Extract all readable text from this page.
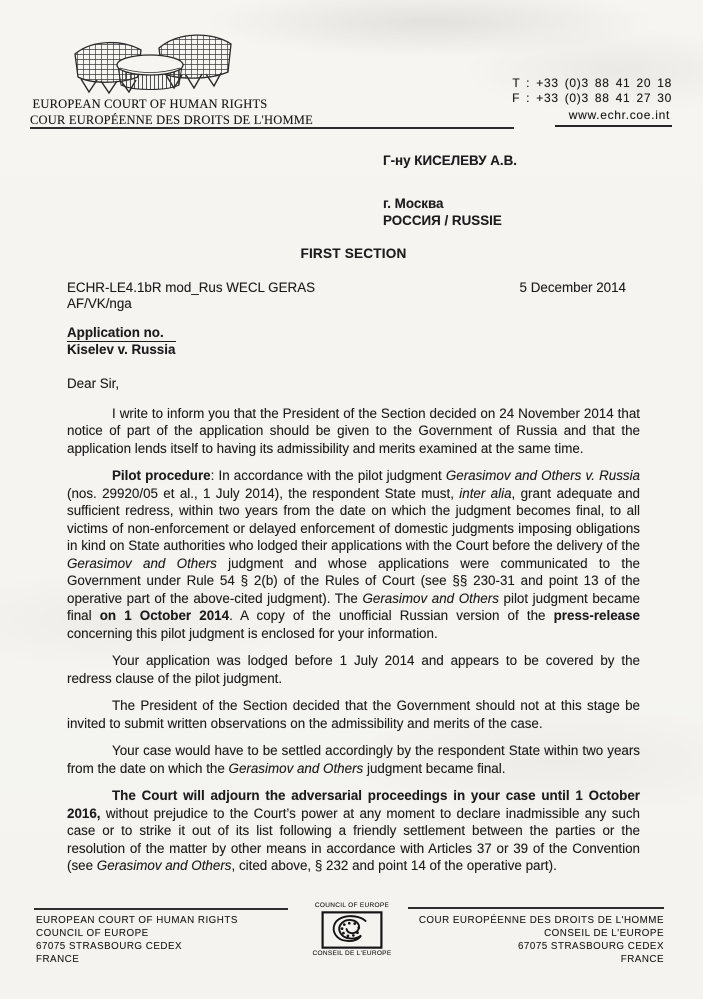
EUROPEAN COURT OF HUMAN RIGHTS
COUR EUROPÉENNE DES DROITS DE L'HOMME
T : +33 (0)3 88 41 20 18
F : +33 (0)3 88 41 27 30
www.echr.coe.int
Г-ну КИСЕЛЕВУ А.В.
г. Москва
РОССИЯ / RUSSIE
FIRST SECTION
ECHR-LE4.1bR mod_Rus WECL GERAS
AF/VK/nga
5 December 2014
Application no.
Kiselev v. Russia
Dear Sir,
I write to inform you that the President of the Section decided on 24 November 2014 that notice of part of the application should be given to the Government of Russia and that the application lends itself to having its admissibility and merits examined at the same time.
Pilot procedure: In accordance with the pilot judgment Gerasimov and Others v. Russia (nos. 29920/05 et al., 1 July 2014), the respondent State must, inter alia, grant adequate and sufficient redress, within two years from the date on which the judgment becomes final, to all victims of non-enforcement or delayed enforcement of domestic judgments imposing obligations in kind on State authorities who lodged their applications with the Court before the delivery of the Gerasimov and Others judgment and whose applications were communicated to the Government under Rule 54 § 2(b) of the Rules of Court (see §§ 230-31 and point 13 of the operative part of the above-cited judgment). The Gerasimov and Others pilot judgment became final on 1 October 2014. A copy of the unofficial Russian version of the press-release concerning this pilot judgment is enclosed for your information.
Your application was lodged before 1 July 2014 and appears to be covered by the redress clause of the pilot judgment.
The President of the Section decided that the Government should not at this stage be invited to submit written observations on the admissibility and merits of the case.
Your case would have to be settled accordingly by the respondent State within two years from the date on which the Gerasimov and Others judgment became final.
The Court will adjourn the adversarial proceedings in your case until 1 October 2016, without prejudice to the Court’s power at any moment to declare inadmissible any such case or to strike it out of its list following a friendly settlement between the parties or the resolution of the matter by other means in accordance with Articles 37 or 39 of the Convention (see Gerasimov and Others, cited above, § 232 and point 14 of the operative part).
EUROPEAN COURT OF HUMAN RIGHTS
COUNCIL OF EUROPE
67075 STRASBOURG CEDEX
FRANCE
COUNCIL OF EUROPE
CONSEIL DE L'EUROPE
COUR EUROPÉENNE DES DROITS DE L'HOMME
CONSEIL DE L'EUROPE
67075 STRASBOURG CEDEX
FRANCE
